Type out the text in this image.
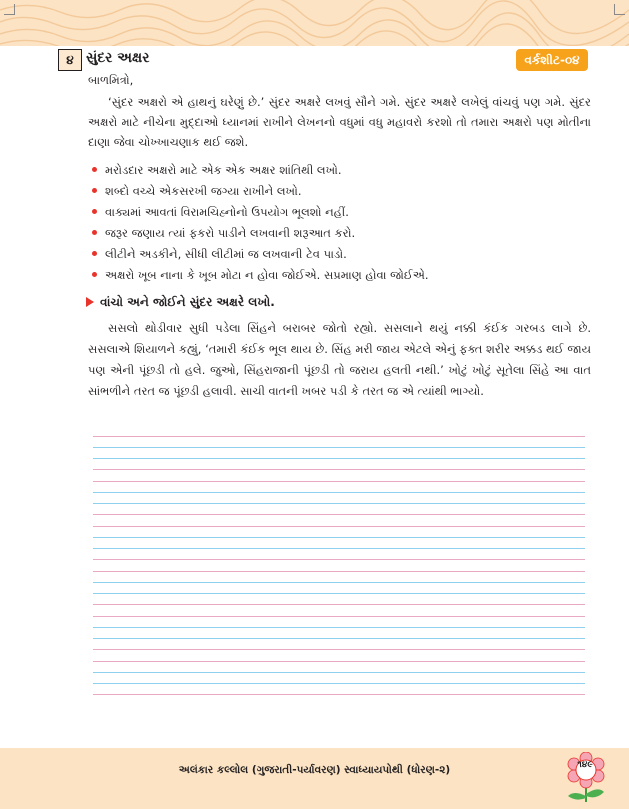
૪ સુંદર અક્ષર	વર્કશીટ-૦૪
બાળમિત્રો,
‘સુંદર અક્ષરો એ હાથનું ઘરેણું છે.’ સુંદર અક્ષરે લખવું સૌને ગમે. સુંદર અક્ષરે લખેલું વાંચવું પણ ગમે. સુંદર અક્ષરો માટે નીચેના મુદ્દાઓ ધ્યાનમાં રાખીને લેખનનો વધુમાં વધુ મહાવરો કરશો તો તમારા અક્ષરો પણ મોતીના દાણા જેવા ચોખ્ખાચણાક થઈ જશે.
મરોડદાર અક્ષરો માટે એક એક અક્ષર શાંતિથી લખો.
શબ્દો વચ્ચે એકસરખી જગ્યા રાખીને લખો.
વાક્યમાં આવતાં વિરામચિહ્નોનો ઉપયોગ ભૂલશો નહીં.
જરૂર જણાય ત્યાં ફકરો પાડીને લખવાની શરૂઆત કરો.
લીટીને અડકીને, સીધી લીટીમાં જ લખવાની ટેવ પાડો.
અક્ષરો ખૂબ નાના કે ખૂબ મોટા ન હોવા જોઈએ. સપ્રમાણ હોવા જોઈએ.
વાંચો અને જોઈને સુંદર અક્ષરે લખો.
સસલો થોડીવાર સુધી પડેલા સિંહને બરાબર જોતો રહ્યો. સસલાને થયું નક્કી કંઈક ગરબડ લાગે છે. સસલાએ શિયાળને કહ્યું, ‘તમારી કંઈક ભૂલ થાય છે. સિંહ મરી જાય એટલે એનું ફક્ત શરીર અક્કડ થઈ જાય પણ એની પૂંછડી તો હલે. જુઓ, સિંહરાજાની પૂંછડી તો જરાય હલતી નથી.’ ખોટું ખોટું સૂતેલા સિંહે આ વાત સાંભળીને તરત જ પૂંછડી હલાવી. સાચી વાતની ખબર પડી કે તરત જ એ ત્યાંથી ભાગ્યો.
અલંકાર કલ્લોલ (ગુજરાતી-પર્યાવરણ) સ્વાધ્યાયપોથી (ધોરણ-૨)	૧૪૯
